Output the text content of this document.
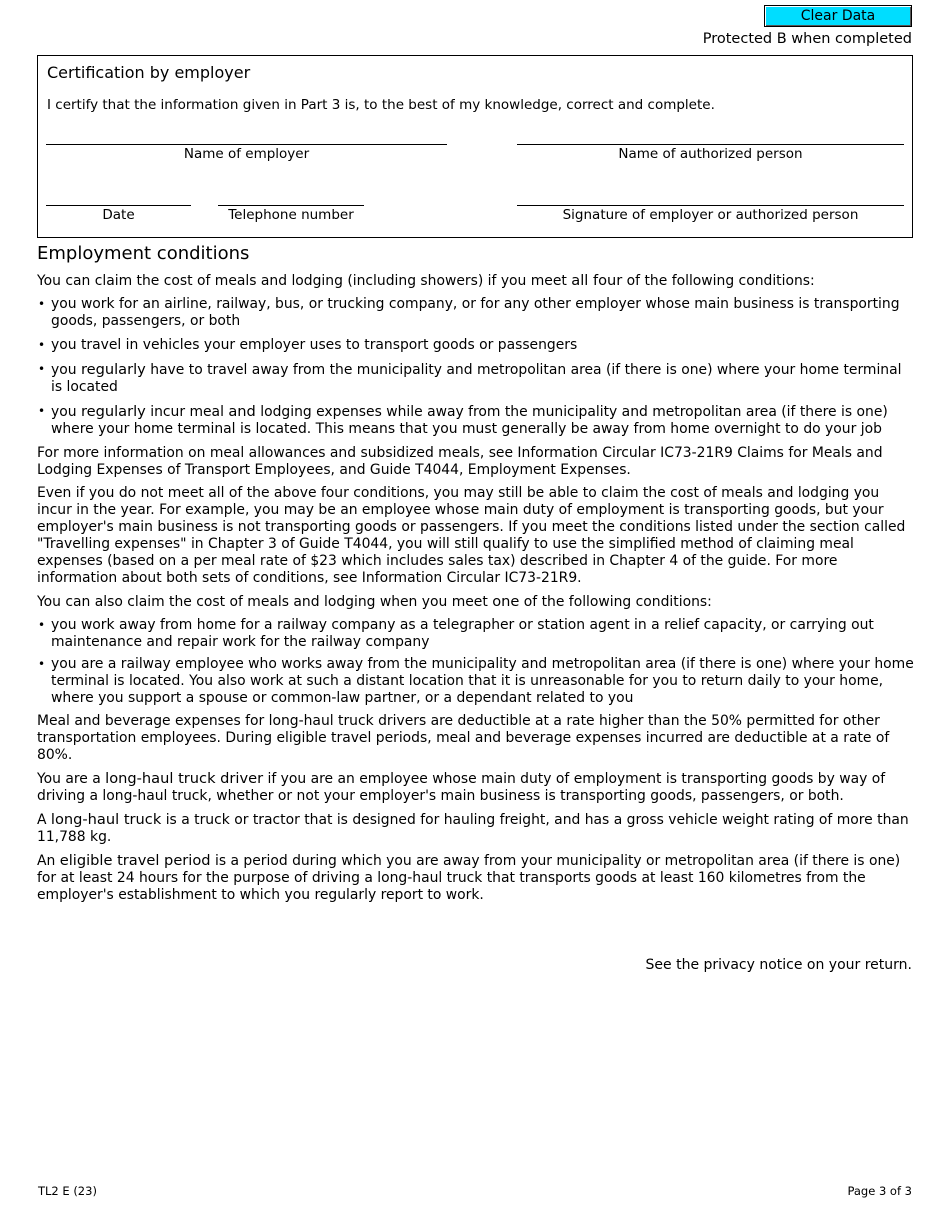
Clear Data
Protected B when completed
Certification by employer
I certify that the information given in Part 3 is, to the best of my knowledge, correct and complete.
Name of employer	Name of authorized person
Date	Telephone number	Signature of employer or authorized person
Employment conditions

You can claim the cost of meals and lodging (including showers) if you meet all four of the following conditions:

• you work for an airline, railway, bus, or trucking company, or for any other employer whose main business is transporting goods, passengers, or both
• you travel in vehicles your employer uses to transport goods or passengers
• you regularly have to travel away from the municipality and metropolitan area (if there is one) where your home terminal is located
• you regularly incur meal and lodging expenses while away from the municipality and metropolitan area (if there is one) where your home terminal is located. This means that you must generally be away from home overnight to do your job

For more information on meal allowances and subsidized meals, see Information Circular IC73-21R9 Claims for Meals and Lodging Expenses of Transport Employees, and Guide T4044, Employment Expenses.

Even if you do not meet all of the above four conditions, you may still be able to claim the cost of meals and lodging you incur in the year. For example, you may be an employee whose main duty of employment is transporting goods, but your employer's main business is not transporting goods or passengers. If you meet the conditions listed under the section called "Travelling expenses" in Chapter 3 of Guide T4044, you will still qualify to use the simplified method of claiming meal expenses (based on a per meal rate of $23 which includes sales tax) described in Chapter 4 of the guide. For more information about both sets of conditions, see Information Circular IC73-21R9.

You can also claim the cost of meals and lodging when you meet one of the following conditions:

• you work away from home for a railway company as a telegrapher or station agent in a relief capacity, or carrying out maintenance and repair work for the railway company
• you are a railway employee who works away from the municipality and metropolitan area (if there is one) where your home terminal is located. You also work at such a distant location that it is unreasonable for you to return daily to your home, where you support a spouse or common-law partner, or a dependant related to you

Meal and beverage expenses for long-haul truck drivers are deductible at a rate higher than the 50% permitted for other transportation employees. During eligible travel periods, meal and beverage expenses incurred are deductible at a rate of 80%.

You are a long-haul truck driver if you are an employee whose main duty of employment is transporting goods by way of driving a long-haul truck, whether or not your employer's main business is transporting goods, passengers, or both.

A long-haul truck is a truck or tractor that is designed for hauling freight, and has a gross vehicle weight rating of more than 11,788 kg.

An eligible travel period is a period during which you are away from your municipality or metropolitan area (if there is one) for at least 24 hours for the purpose of driving a long-haul truck that transports goods at least 160 kilometres from the employer's establishment to which you regularly report to work.

See the privacy notice on your return.
TL2 E (23)	Page 3 of 3
